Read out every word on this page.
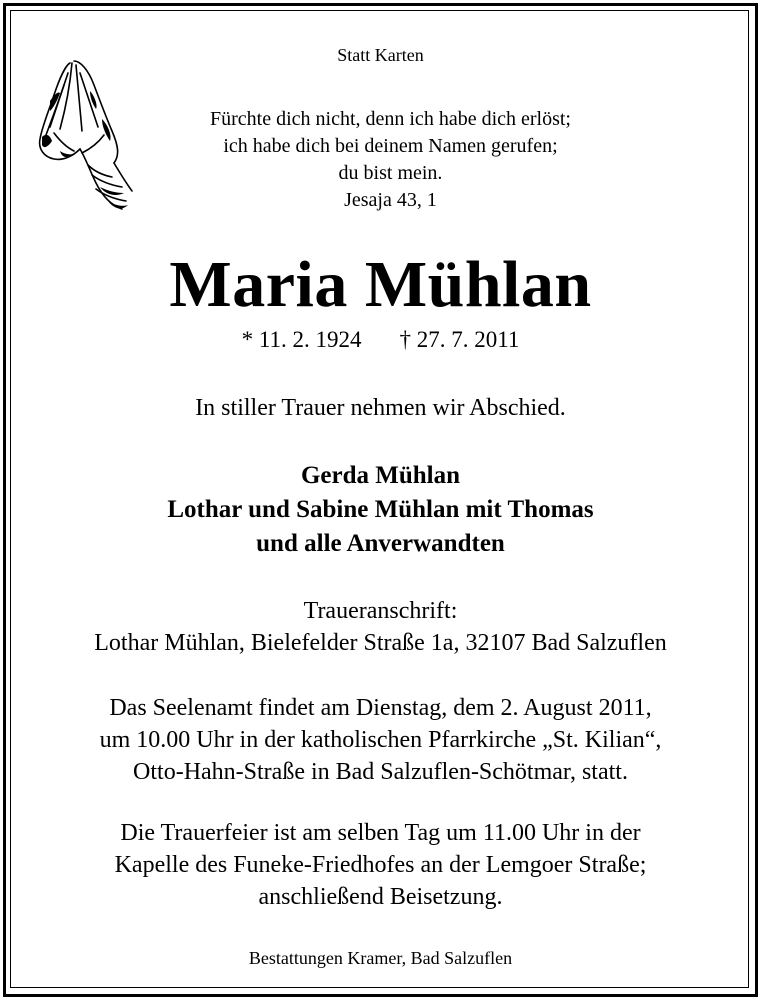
Statt Karten
Fürchte dich nicht, denn ich habe dich erlöst;
ich habe dich bei deinem Namen gerufen;
du bist mein.
Jesaja 43, 1
Maria Mühlan
* 11. 2. 1924 † 27. 7. 2011
In stiller Trauer nehmen wir Abschied.
Gerda Mühlan
Lothar und Sabine Mühlan mit Thomas
und alle Anverwandten
Traueranschrift:
Lothar Mühlan, Bielefelder Straße 1a, 32107 Bad Salzuflen
Das Seelenamt findet am Dienstag, dem 2. August 2011,
um 10.00 Uhr in der katholischen Pfarrkirche „St. Kilian“,
Otto-Hahn-Straße in Bad Salzuflen-Schötmar, statt.
Die Trauerfeier ist am selben Tag um 11.00 Uhr in der
Kapelle des Funeke-Friedhofes an der Lemgoer Straße;
anschließend Beisetzung.
Bestattungen Kramer, Bad Salzuflen
